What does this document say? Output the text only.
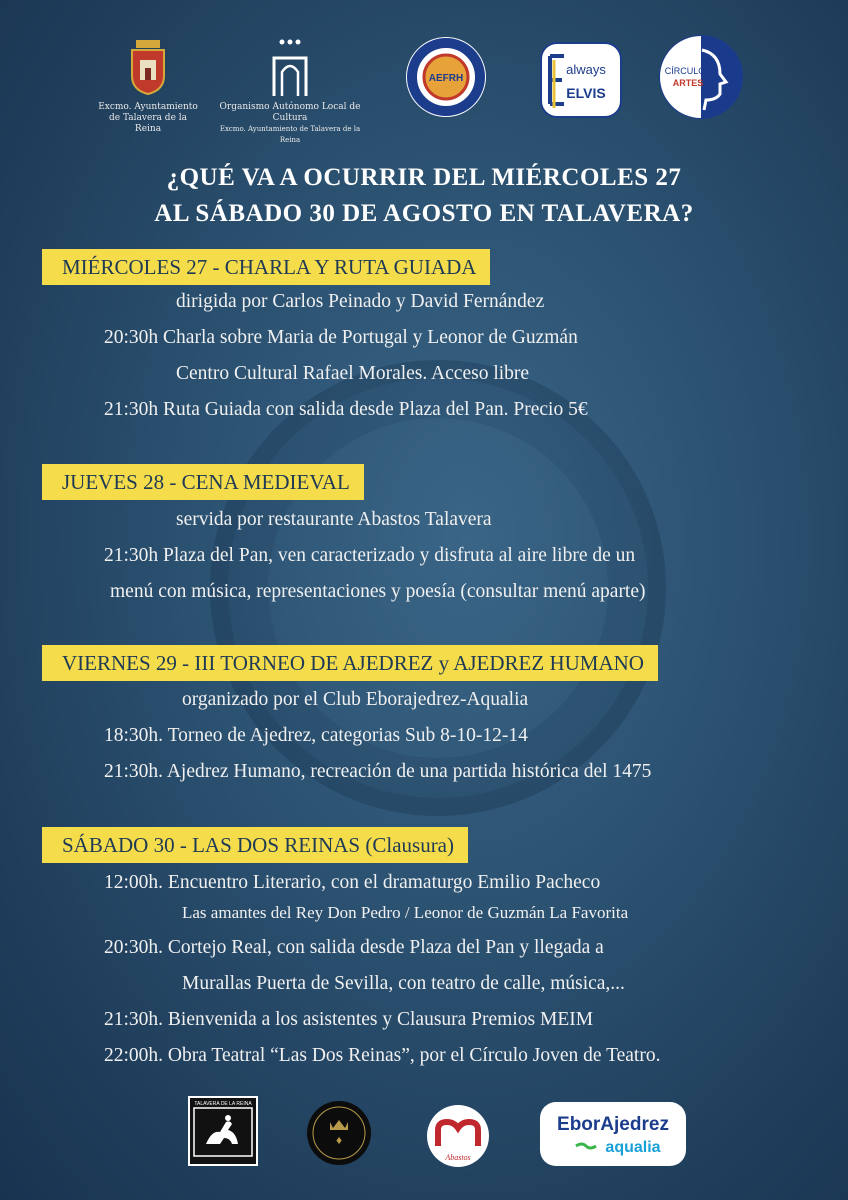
Excmo. Ayuntamiento de Talavera de la Reina
Organismo Autónomo Local de Cultura
Excmo. Ayuntamiento de Talavera de la Reina
AEFRH
always
ELVIS
CÍRCULO
ARTES
¿QUÉ VA A OCURRIR DEL MIÉRCOLES 27
AL SÁBADO 30 DE AGOSTO EN TALAVERA?
MIÉRCOLES 27 - CHARLA Y RUTA GUIADA
dirigida por Carlos Peinado y David Fernández
20:30h Charla sobre Maria de Portugal y Leonor de Guzmán
Centro Cultural Rafael Morales. Acceso libre
21:30h Ruta Guiada con salida desde Plaza del Pan. Precio 5€
JUEVES 28 - CENA MEDIEVAL
servida por restaurante Abastos Talavera
21:30h Plaza del Pan, ven caracterizado y disfruta al aire libre de un
menú con música, representaciones y poesía (consultar menú aparte)
VIERNES 29 - III TORNEO DE AJEDREZ y AJEDREZ HUMANO
organizado por el Club Eborajedrez-Aqualia
18:30h. Torneo de Ajedrez, categorias Sub 8-10-12-14
21:30h. Ajedrez Humano, recreación de una partida histórica del 1475
SÁBADO 30 - LAS DOS REINAS (Clausura)
12:00h. Encuentro Literario, con el dramaturgo Emilio Pacheco
Las amantes del Rey Don Pedro / Leonor de Guzmán La Favorita
20:30h. Cortejo Real, con salida desde Plaza del Pan y llegada a
Murallas Puerta de Sevilla, con teatro de calle, música,...
21:30h. Bienvenida a los asistentes y Clausura Premios MEIM
22:00h. Obra Teatral “Las Dos Reinas”, por el Círculo Joven de Teatro.
TALAVERA DE LA REINA
♦
Abastos
EborAjedrez
aqualia
